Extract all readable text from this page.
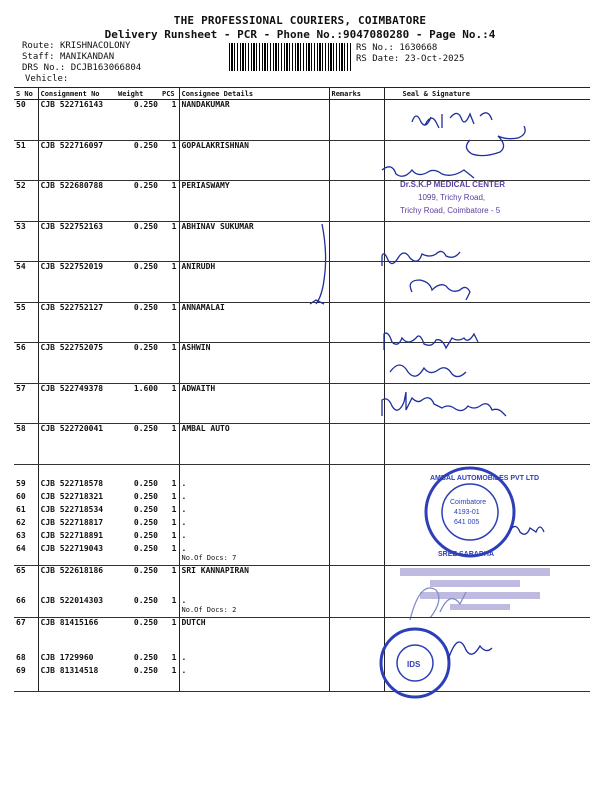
THE PROFESSIONAL COURIERS, COIMBATORE
Delivery Runsheet - PCR - Phone No.:9047080280 - Page No.:4
Route: KRISHNACOLONY
Staff: MANIKANDAN
DRS No.: DCJB163066804
Vehicle:
RS No.: 1630668
RS Date: 23-Oct-2025
S No	Consignment No	Weight	PCS	Consignee Details	Remarks	Seal & Signature
50	CJB 522716143	0.250	1	NANDAKUMAR		

51	CJB 522716097	0.250	1	GOPALAKRISHNAN		

52	CJB 522680788	0.250	1	PERIASWAMY		

53	CJB 522752163	0.250	1	ABHINAV SUKUMAR		

54	CJB 522752019	0.250	1	ANIRUDH		

55	CJB 522752127	0.250	1	ANNAMALAI		

56	CJB 522752075	0.250	1	ASHWIN		

57	CJB 522749378	1.600	1	ADWAITH		

58	CJB 522720041	0.250	1	AMBAL AUTO		

59	CJB 522718578	0.250	1	.		
60	CJB 522718321	0.250	1	.		
61	CJB 522718534	0.250	1	.		
62	CJB 522718817	0.250	1	.		
63	CJB 522718891	0.250	1	.		
64	CJB 522719043	0.250	1	.
No.Of Docs: 7		

65	CJB 522618186	0.250	1	SRI KANNAPIRAN		

66	CJB 522014303	0.250	1	.
No.Of Docs: 2		

67	CJB 81415166	0.250	1	DUTCH		

68	CJB 1729960	0.250	1	.		
69	CJB 81314518	0.250	1	.		

Dr.S.K.P MEDICAL CENTER
1099, Trichy Road,
Trichy Road, Coimbatore - 5
AMBAL AUTOMOBILES PVT LTD
SREE SARADHA
Coimbatore
4193-01
641 005
IDS
